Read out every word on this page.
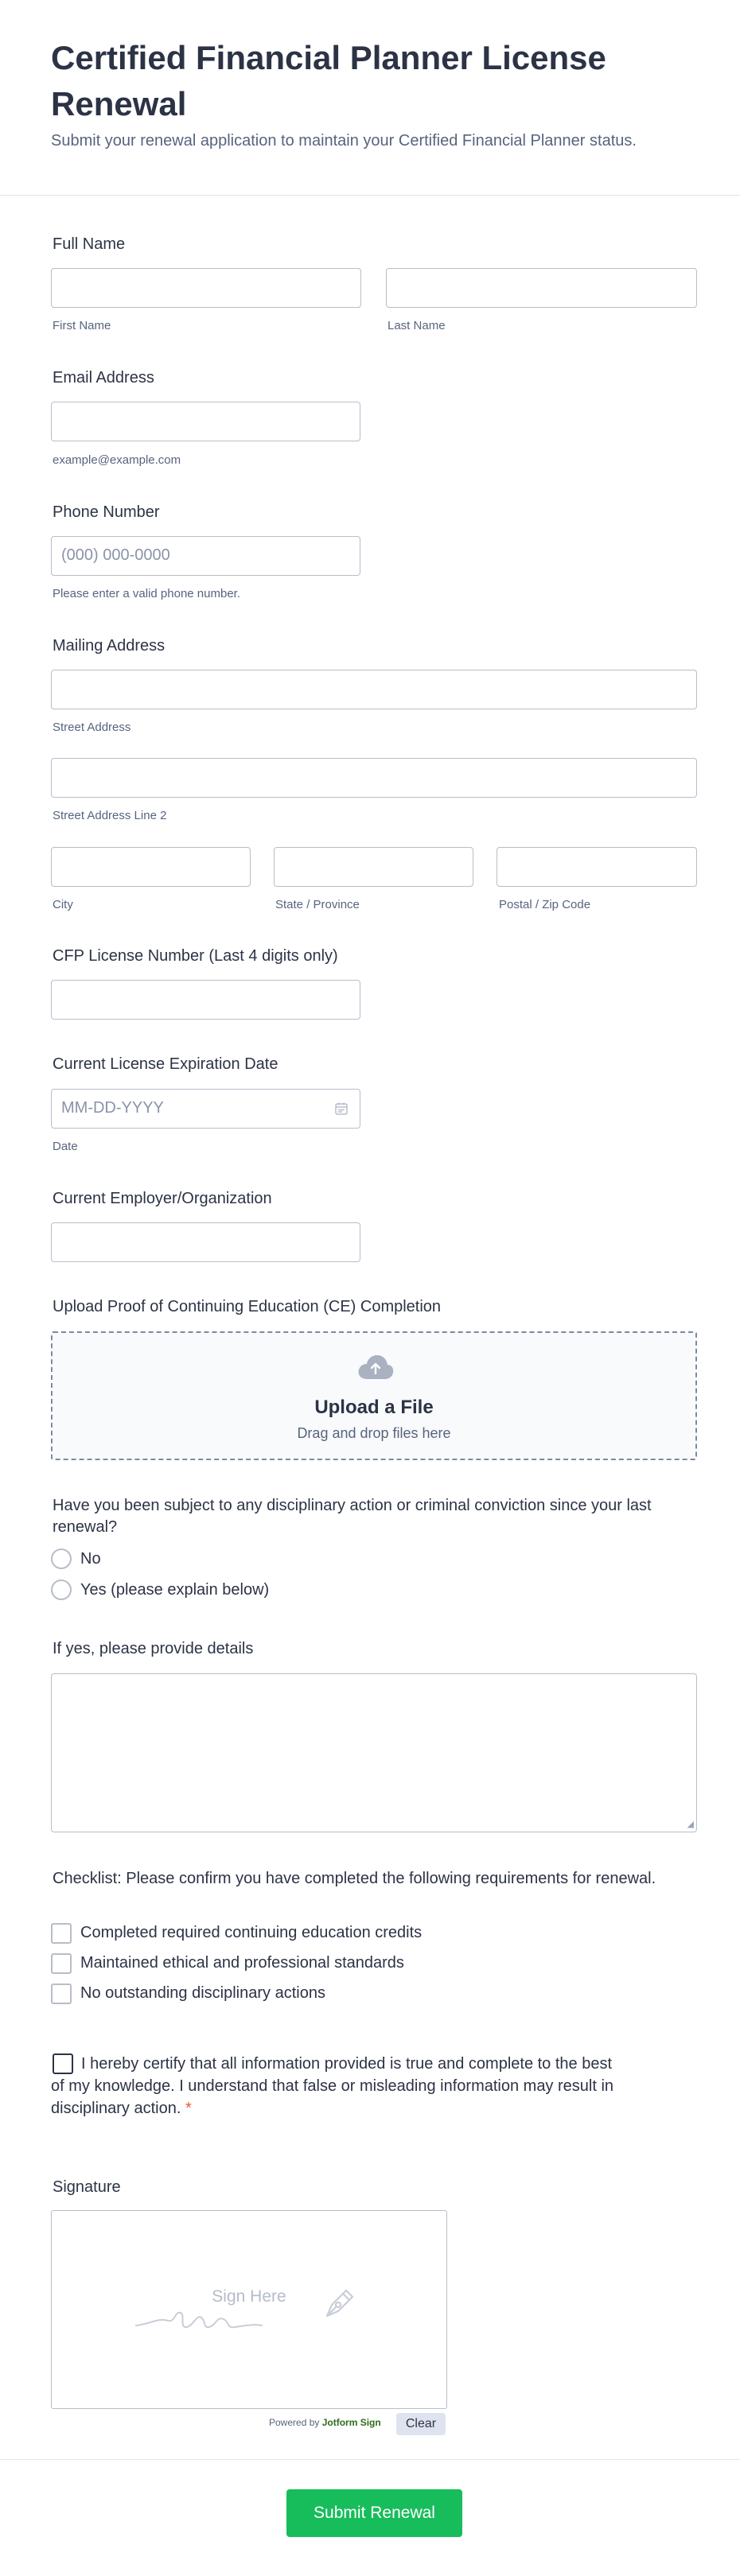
Certified Financial Planner License Renewal
Submit your renewal application to maintain your Certified Financial Planner status.
Full Name
First Name	Last Name
Email Address
example@example.com
Phone Number
(000) 000-0000
Please enter a valid phone number.
Mailing Address
Street Address
Street Address Line 2
City	State / Province	Postal / Zip Code
CFP License Number (Last 4 digits only)
Current License Expiration Date
MM-DD-YYYY
Date
Current Employer/Organization
Upload Proof of Continuing Education (CE) Completion
Upload a File
Drag and drop files here
Have you been subject to any disciplinary action or criminal conviction since your last renewal?
No
Yes (please explain below)
If yes, please provide details
◢
Checklist: Please confirm you have completed the following requirements for renewal.
Completed required continuing education credits
Maintained ethical and professional standards
No outstanding disciplinary actions
I hereby certify that all information provided is true and complete to the best of my knowledge. I understand that false or misleading information may result in disciplinary action. *
Signature
Sign Here
Powered by Jotform Sign	Clear
Submit Renewal
